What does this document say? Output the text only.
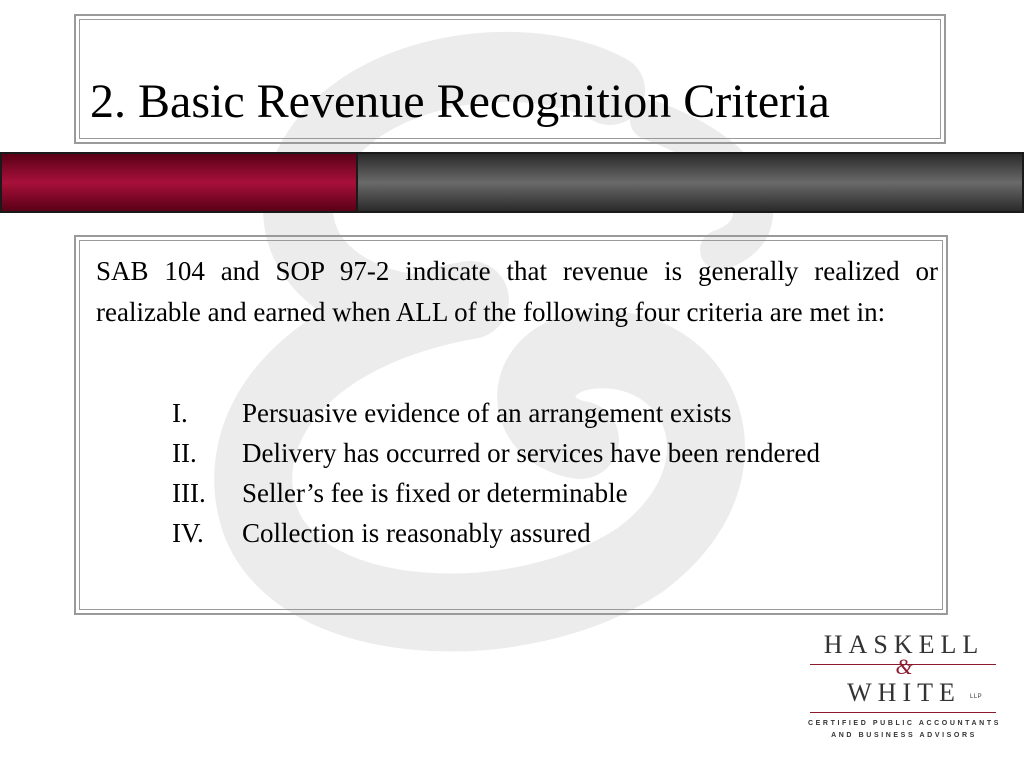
2. Basic Revenue Recognition Criteria

SAB 104 and SOP 97-2 indicate that revenue is generally realized or realizable and earned when ALL of the following four criteria are met in:

I.	Persuasive evidence of an arrangement exists
II.	Delivery has occurred or services have been rendered
III.	Seller’s fee is fixed or determinable
IV.	Collection is reasonably assured
HASKELL
&
WHITE	LLP
CERTIFIED PUBLIC ACCOUNTANTS
AND BUSINESS ADVISORS
